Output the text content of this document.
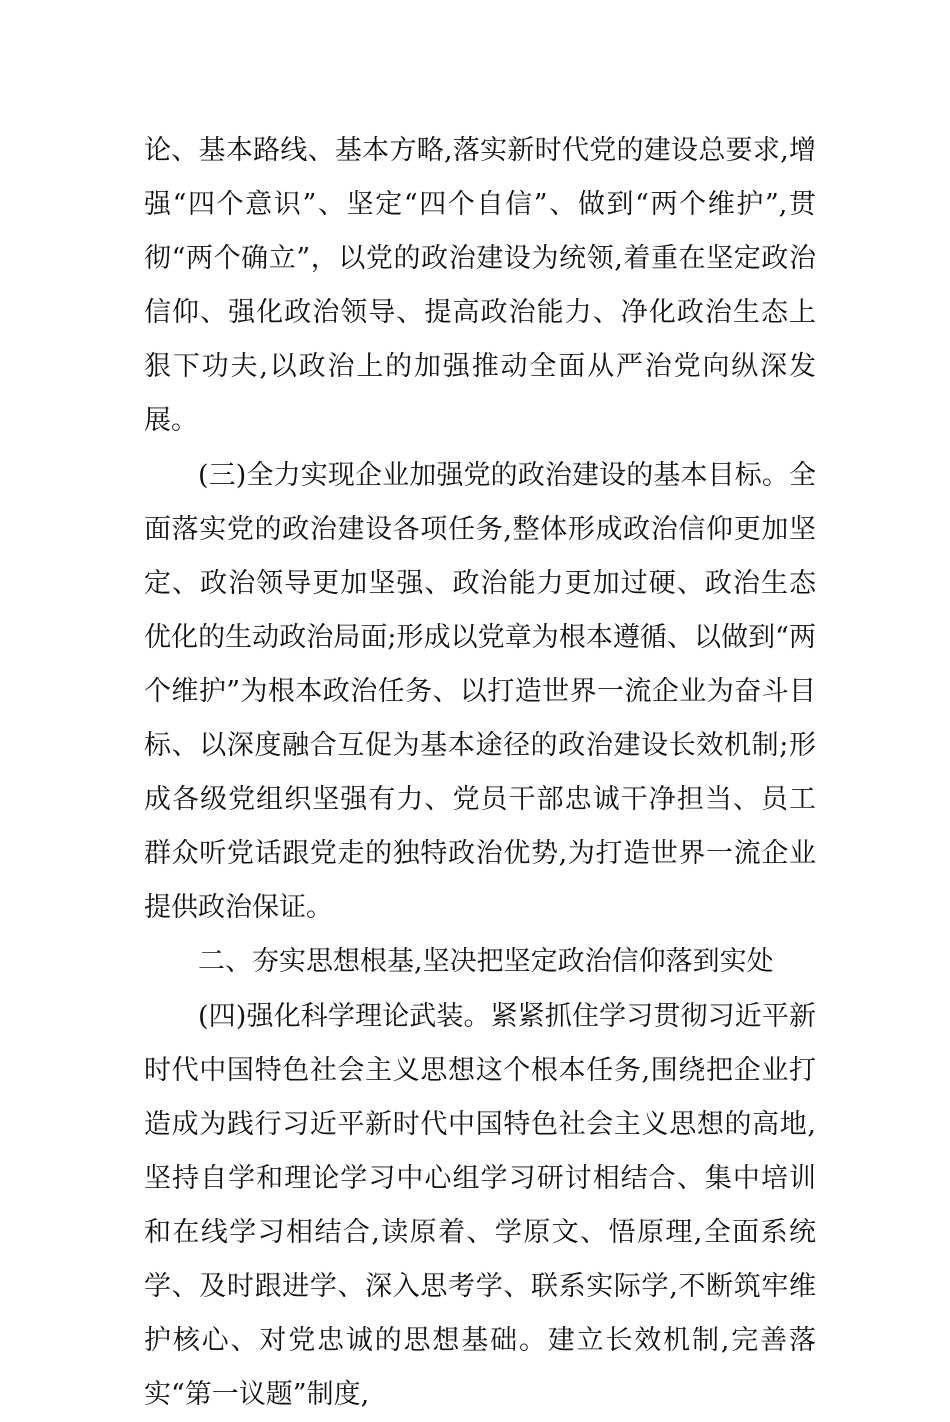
论、基本路线、基本方略,落实新时代党的建设总要求,增强“四个意识”、坚定“四个自信”、做到“两个维护”,贯彻“两个确立”，以党的政治建设为统领,着重在坚定政治信仰、强化政治领导、提高政治能力、净化政治生态上狠下功夫,以政治上的加强推动全面从严治党向纵深发展。

(三)全力实现企业加强党的政治建设的基本目标。全面落实党的政治建设各项任务,整体形成政治信仰更加坚定、政治领导更加坚强、政治能力更加过硬、政治生态优化的生动政治局面;形成以党章为根本遵循、以做到“两个维护”为根本政治任务、以打造世界一流企业为奋斗目标、以深度融合互促为基本途径的政治建设长效机制;形成各级党组织坚强有力、党员干部忠诚干净担当、员工群众听党话跟党走的独特政治优势,为打造世界一流企业提供政治保证。

二、夯实思想根基,坚决把坚定政治信仰落到实处

(四)强化科学理论武装。紧紧抓住学习贯彻习近平新时代中国特色社会主义思想这个根本任务,围绕把企业打造成为践行习近平新时代中国特色社会主义思想的高地,坚持自学和理论学习中心组学习研讨相结合、集中培训和在线学习相结合,读原着、学原文、悟原理,全面系统学、及时跟进学、深入思考学、联系实际学,不断筑牢维护核心、对党忠诚的思想基础。建立长效机制,完善落实“第一议题”制度,
